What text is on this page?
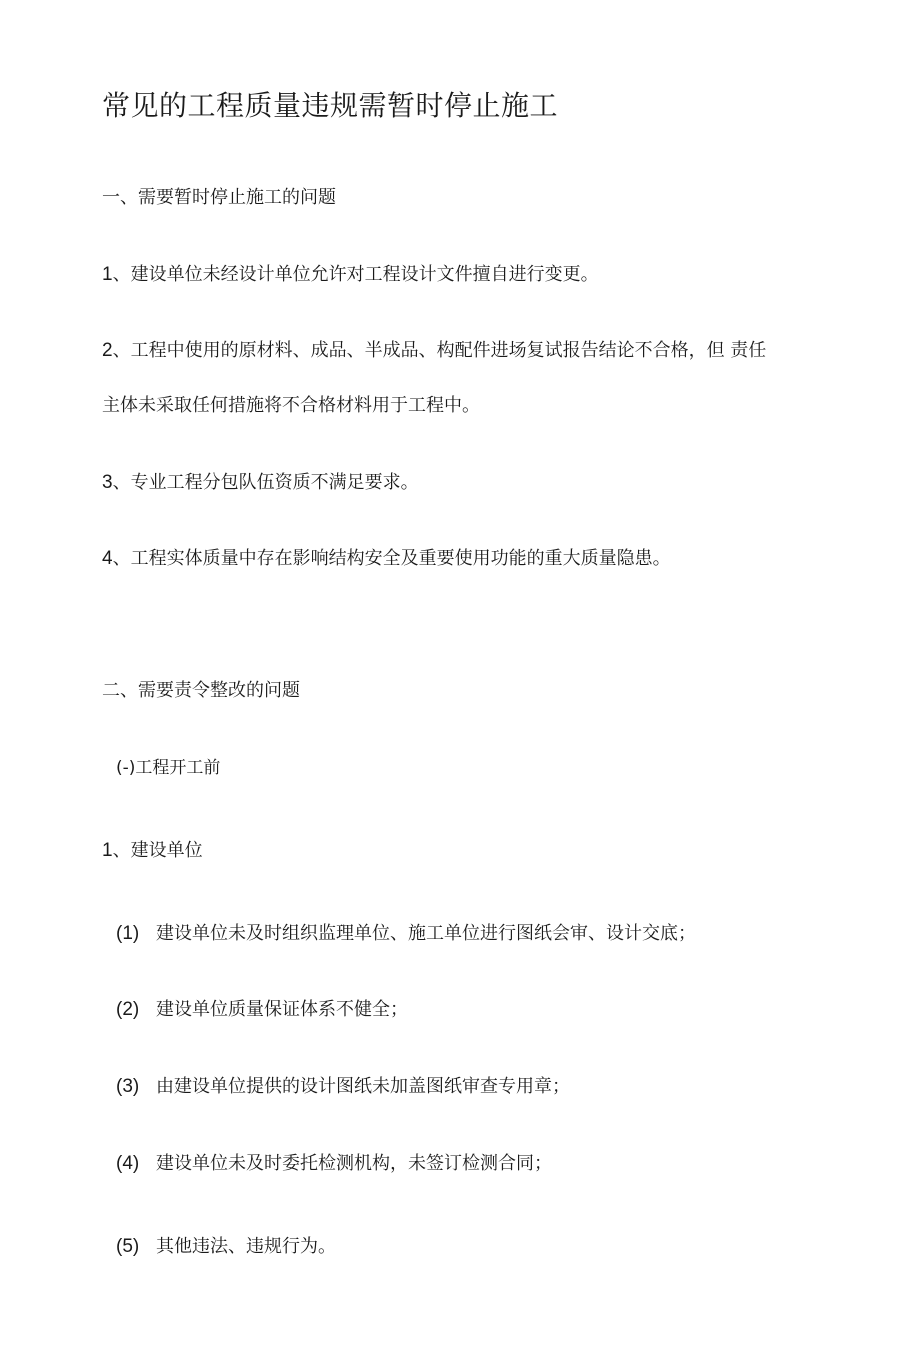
常见的工程质量违规需暂时停止施工
一、需要暂时停止施工的问题
1、建设单位未经设计单位允许对工程设计文件擅自进行变更。
2、工程中使用的原材料、成品、半成品、构配件进场复试报告结论不合格，但 责任
主体未采取任何措施将不合格材料用于工程中。
3、专业工程分包队伍资质不满足要求。
4、工程实体质量中存在影响结构安全及重要使用功能的重大质量隐患。
二、需要责令整改的问题
(-)工程开工前
1、建设单位
(1) 建设单位未及时组织监理单位、施工单位进行图纸会审、设计交底；
(2) 建设单位质量保证体系不健全；
(3) 由建设单位提供的设计图纸未加盖图纸审查专用章；
(4) 建设单位未及时委托检测机构，未签订检测合同；
(5) 其他违法、违规行为。
